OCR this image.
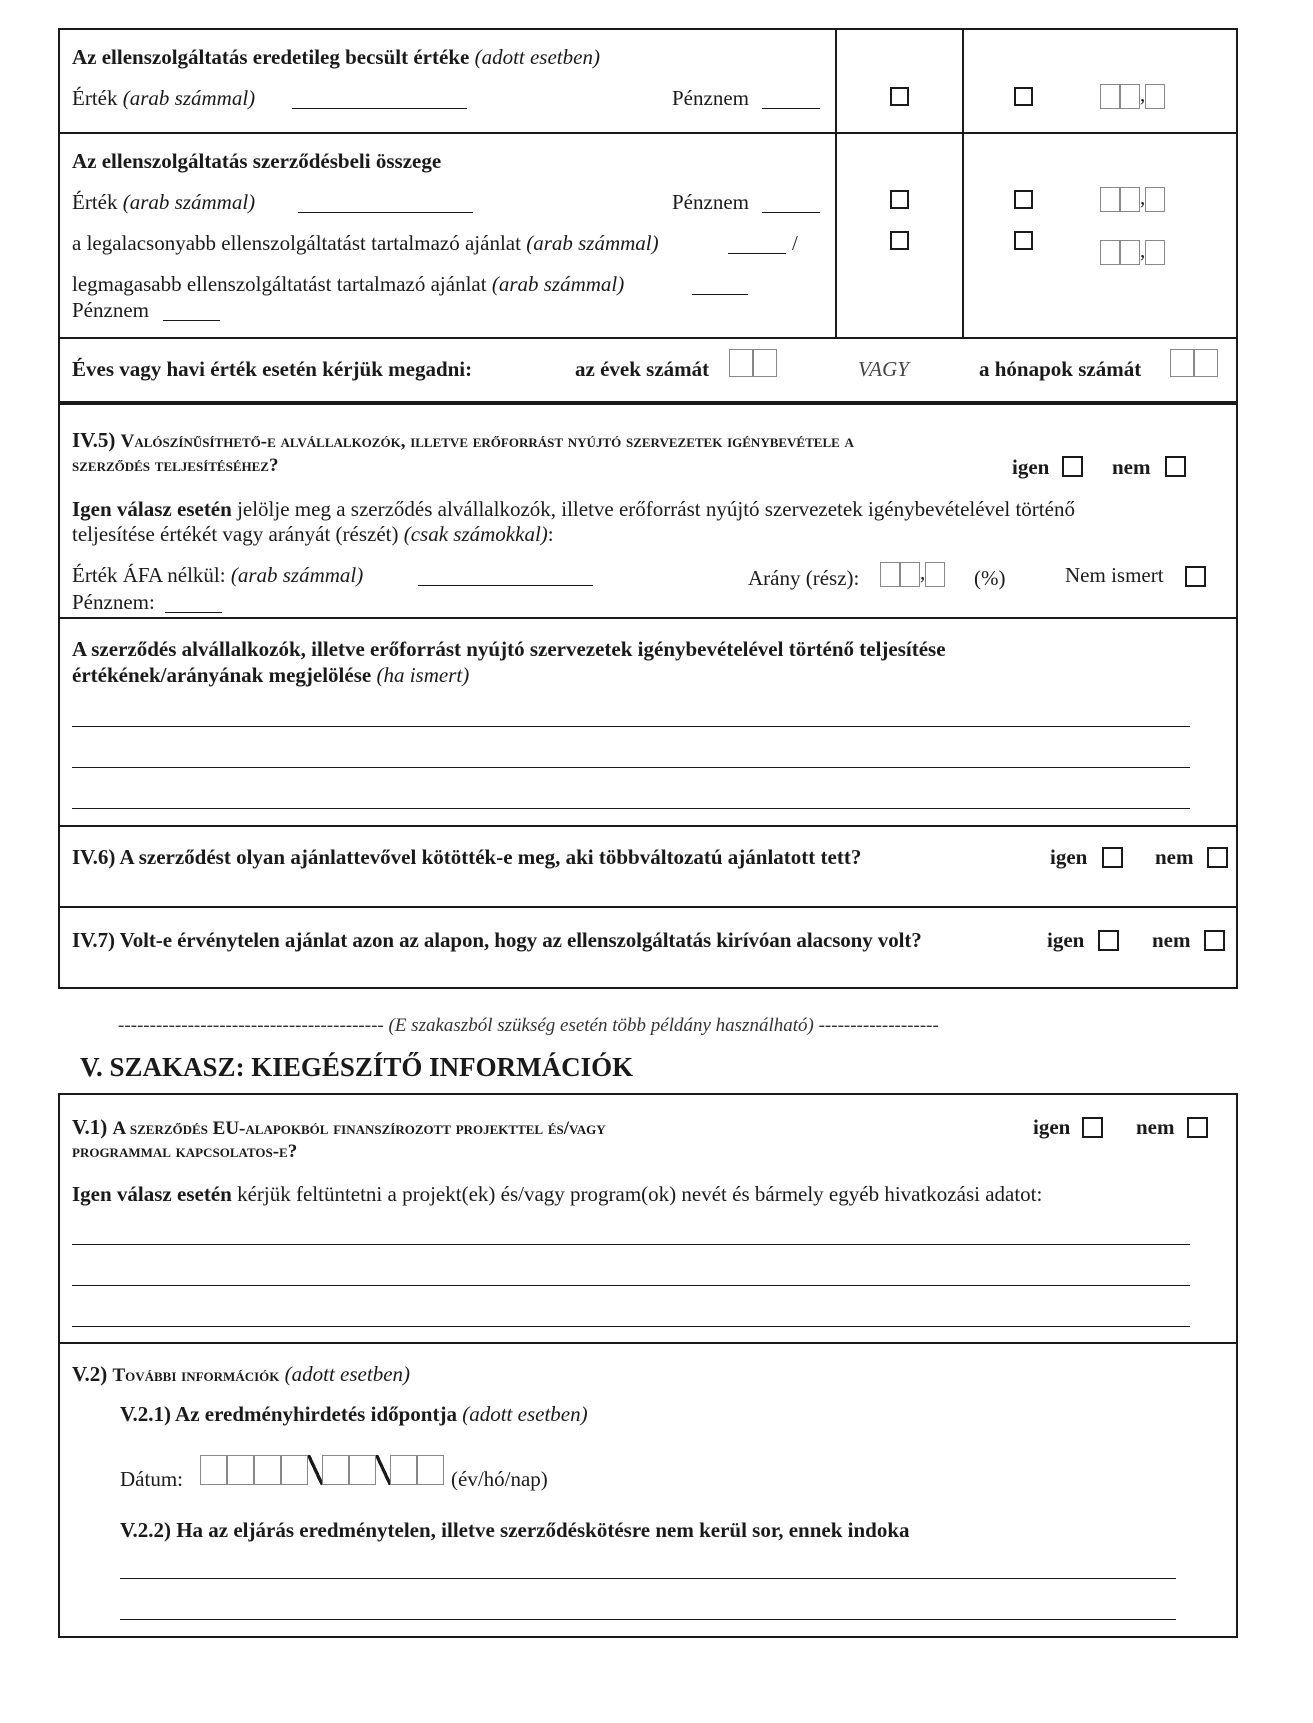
Az ellenszolgáltatás eredetileg becsült értéke (adott esetben)
Érték (arab számmal)	Pénznem	,
Az ellenszolgáltatás szerződésbeli összege
Érték (arab számmal)	Pénznem	,
a legalacsonyabb ellenszolgáltatást tartalmazó ajánlat (arab számmal)	/	,
legmagasabb ellenszolgáltatást tartalmazó ajánlat (arab számmal)
Pénznem
Éves vagy havi érték esetén kérjük megadni:	az évek számát	VAGY	a hónapok számát
IV.5) Valószínűsíthető-e alvállalkozók, illetve erőforrást nyújtó szervezetek igénybevétele a
szerződés teljesítéséhez?	igen	nem
Igen válasz esetén jelölje meg a szerződés alvállalkozók, illetve erőforrást nyújtó szervezetek igénybevételével történő
teljesítése értékét vagy arányát (részét) (csak számokkal):
Érték ÁFA nélkül: (arab számmal)	Arány (rész):	,	(%)	Nem ismert
Pénznem:
A szerződés alvállalkozók, illetve erőforrást nyújtó szervezetek igénybevételével történő teljesítése
értékének/arányának megjelölése (ha ismert)
IV.6) A szerződést olyan ajánlattevővel kötötték-e meg, aki többváltozatú ajánlatott tett?	igen	nem
IV.7) Volt-e érvénytelen ajánlat azon az alapon, hogy az ellenszolgáltatás kirívóan alacsony volt?	igen	nem
------------------------------------------ (E szakaszból szükség esetén több példány használható) -------------------
V. SZAKASZ: KIEGÉSZÍTŐ INFORMÁCIÓK
V.1) A szerződés EU-alapokból finanszírozott projekttel és/vagy
programmal kapcsolatos-e?
igen	nem
Igen válasz esetén kérjük feltüntetni a projekt(ek) és/vagy program(ok) nevét és bármely egyéb hivatkozási adatot:
V.2) További információk (adott esetben)
V.2.1) Az eredményhirdetés időpontja (adott esetben)
Dátum:	(év/hó/nap)
V.2.2) Ha az eljárás eredménytelen, illetve szerződéskötésre nem kerül sor, ennek indoka
